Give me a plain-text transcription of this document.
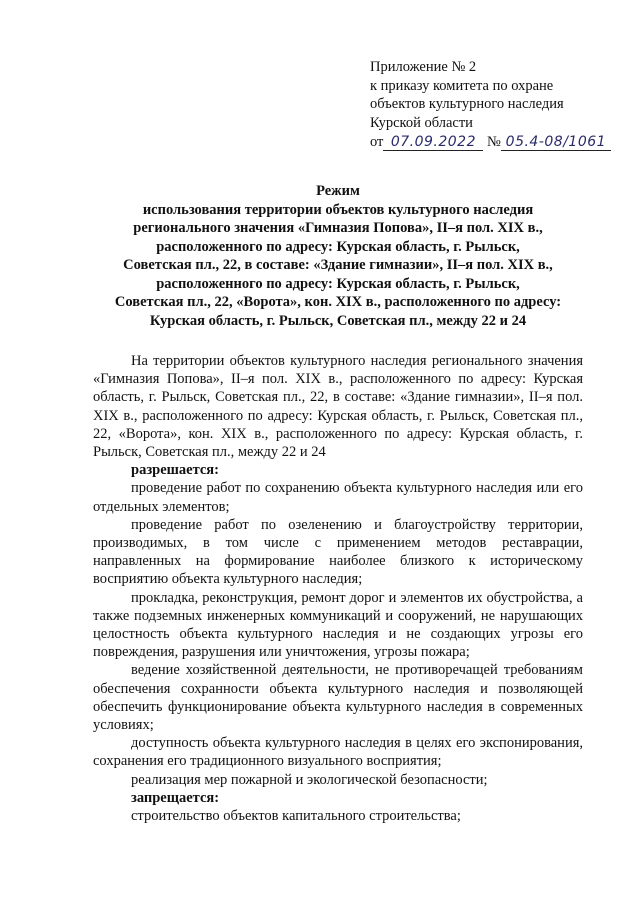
Приложение № 2
к приказу комитета по охране
объектов культурного наследия
Курской области
от 07.09.2022 № 05.4-08/1061
Режим
использования территории объектов культурного наследия
регионального значения «Гимназия Попова», II–я пол. XIX в.,
расположенного по адресу: Курская область, г. Рыльск,
Советская пл., 22, в составе: «Здание гимназии», II–я пол. XIX в.,
расположенного по адресу: Курская область, г. Рыльск,
Советская пл., 22, «Ворота», кон. XIX в., расположенного по адресу:
Курская область, г. Рыльск, Советская пл., между 22 и 24

На территории объектов культурного наследия регионального значения «Гимназия Попова», II–я пол. XIX в., расположенного по адресу: Курская область, г. Рыльск, Советская пл., 22, в составе: «Здание гимназии», II–я пол. XIX в., расположенного по адресу: Курская область, г. Рыльск, Советская пл., 22, «Ворота», кон. XIX в., расположенного по адресу: Курская область, г. Рыльск, Советская пл., между 22 и 24

разрешается:

проведение работ по сохранению объекта культурного наследия или его отдельных элементов;

проведение работ по озеленению и благоустройству территории, производимых, в том числе с применением методов реставрации, направленных на формирование наиболее близкого к историческому восприятию объекта культурного наследия;

прокладка, реконструкция, ремонт дорог и элементов их обустройства, а также подземных инженерных коммуникаций и сооружений, не нарушающих целостность объекта культурного наследия и не создающих угрозы его повреждения, разрушения или уничтожения, угрозы пожара;

ведение хозяйственной деятельности, не противоречащей требованиям обеспечения сохранности объекта культурного наследия и позволяющей обеспечить функционирование объекта культурного наследия в современных условиях;

доступность объекта культурного наследия в целях его экспонирования, сохранения его традиционного визуального восприятия;

реализация мер пожарной и экологической безопасности;

запрещается:

строительство объектов капитального строительства;
